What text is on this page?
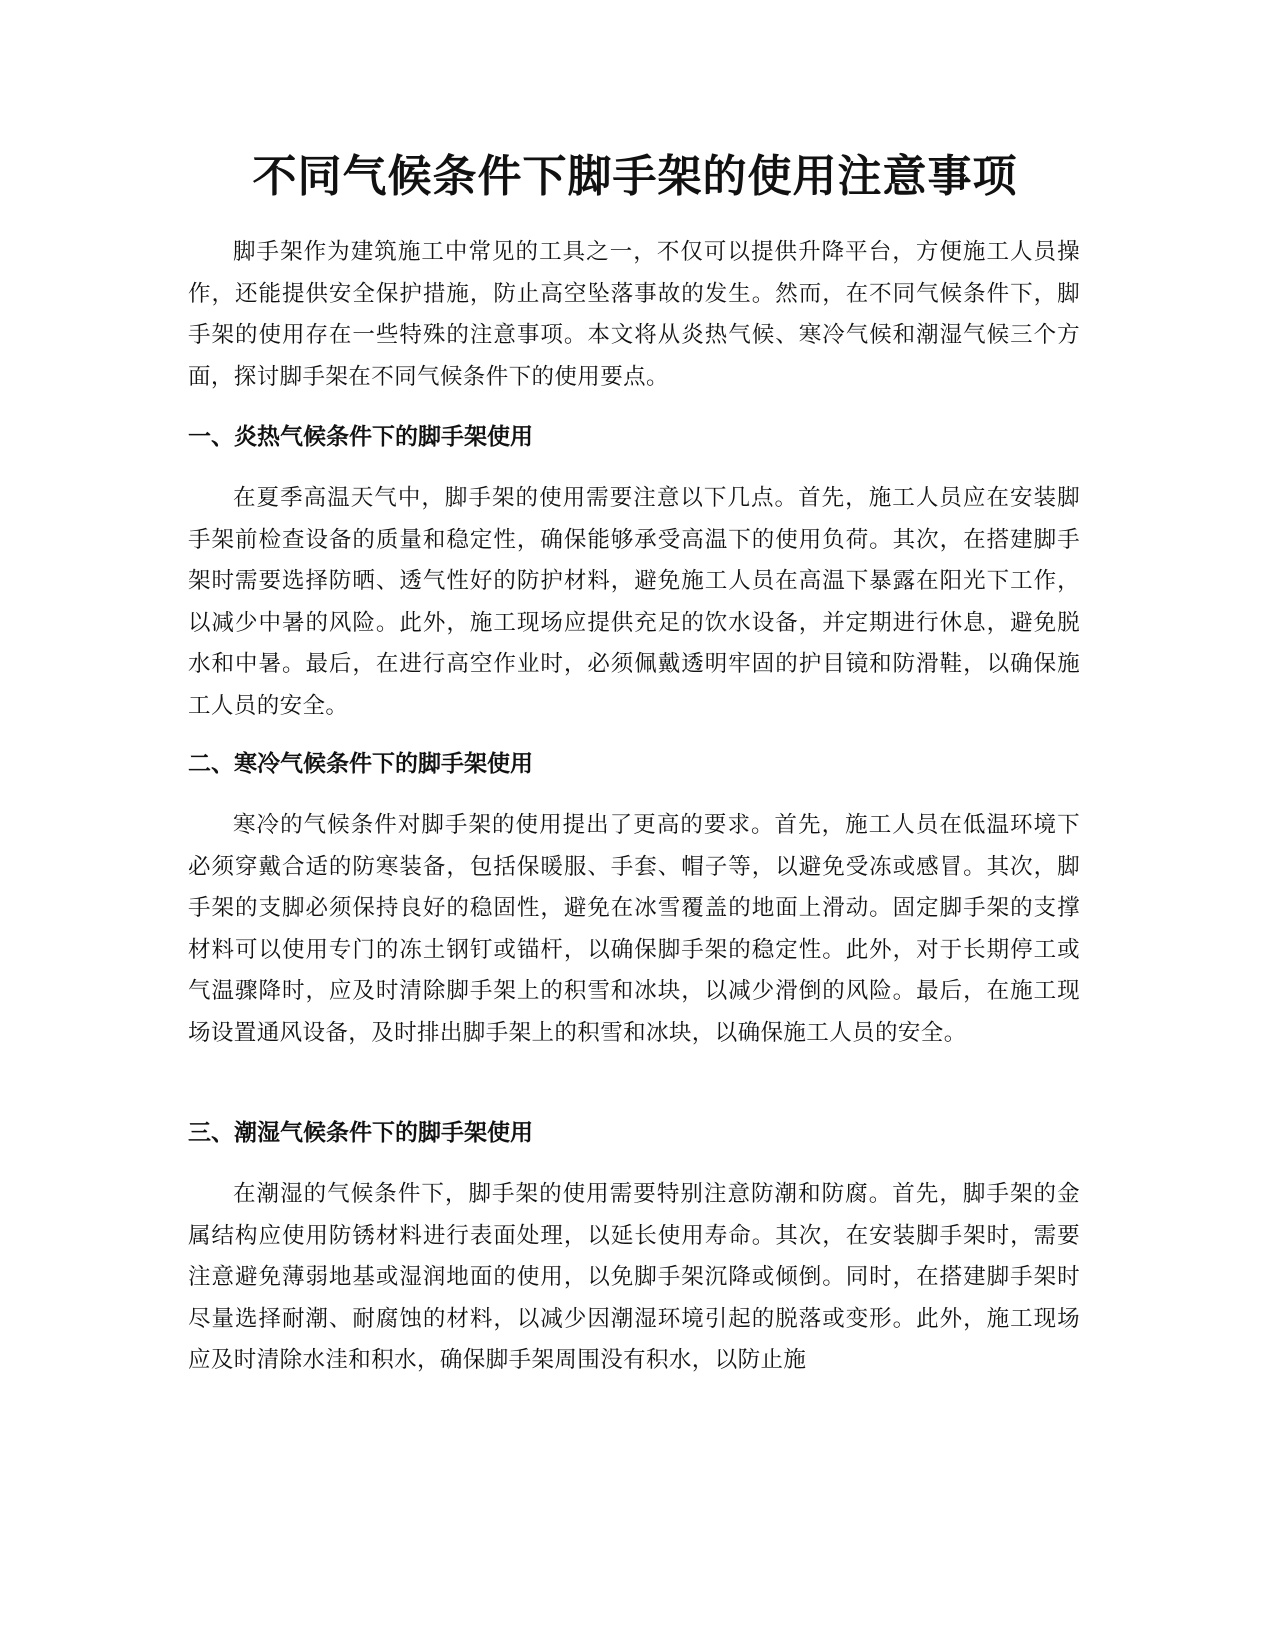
不同气候条件下脚手架的使用注意事项

脚手架作为建筑施工中常见的工具之一，不仅可以提供升降平台，方便施工人员操作，还能提供安全保护措施，防止高空坠落事故的发生。然而，在不同气候条件下，脚手架的使用存在一些特殊的注意事项。本文将从炎热气候、寒冷气候和潮湿气候三个方面，探讨脚手架在不同气候条件下的使用要点。

一、炎热气候条件下的脚手架使用

在夏季高温天气中，脚手架的使用需要注意以下几点。首先，施工人员应在安装脚手架前检查设备的质量和稳定性，确保能够承受高温下的使用负荷。其次，在搭建脚手架时需要选择防晒、透气性好的防护材料，避免施工人员在高温下暴露在阳光下工作，以减少中暑的风险。此外，施工现场应提供充足的饮水设备，并定期进行休息，避免脱水和中暑。最后，在进行高空作业时，必须佩戴透明牢固的护目镜和防滑鞋，以确保施工人员的安全。

二、寒冷气候条件下的脚手架使用

寒冷的气候条件对脚手架的使用提出了更高的要求。首先，施工人员在低温环境下必须穿戴合适的防寒装备，包括保暖服、手套、帽子等，以避免受冻或感冒。其次，脚手架的支脚必须保持良好的稳固性，避免在冰雪覆盖的地面上滑动。固定脚手架的支撑材料可以使用专门的冻土钢钉或锚杆，以确保脚手架的稳定性。此外，对于长期停工或气温骤降时，应及时清除脚手架上的积雪和冰块，以减少滑倒的风险。最后，在施工现场设置通风设备，及时排出脚手架上的积雪和冰块，以确保施工人员的安全。

三、潮湿气候条件下的脚手架使用

在潮湿的气候条件下，脚手架的使用需要特别注意防潮和防腐。首先，脚手架的金属结构应使用防锈材料进行表面处理，以延长使用寿命。其次，在安装脚手架时，需要注意避免薄弱地基或湿润地面的使用，以免脚手架沉降或倾倒。同时，在搭建脚手架时尽量选择耐潮、耐腐蚀的材料，以减少因潮湿环境引起的脱落或变形。此外，施工现场应及时清除水洼和积水，确保脚手架周围没有积水，以防止施
